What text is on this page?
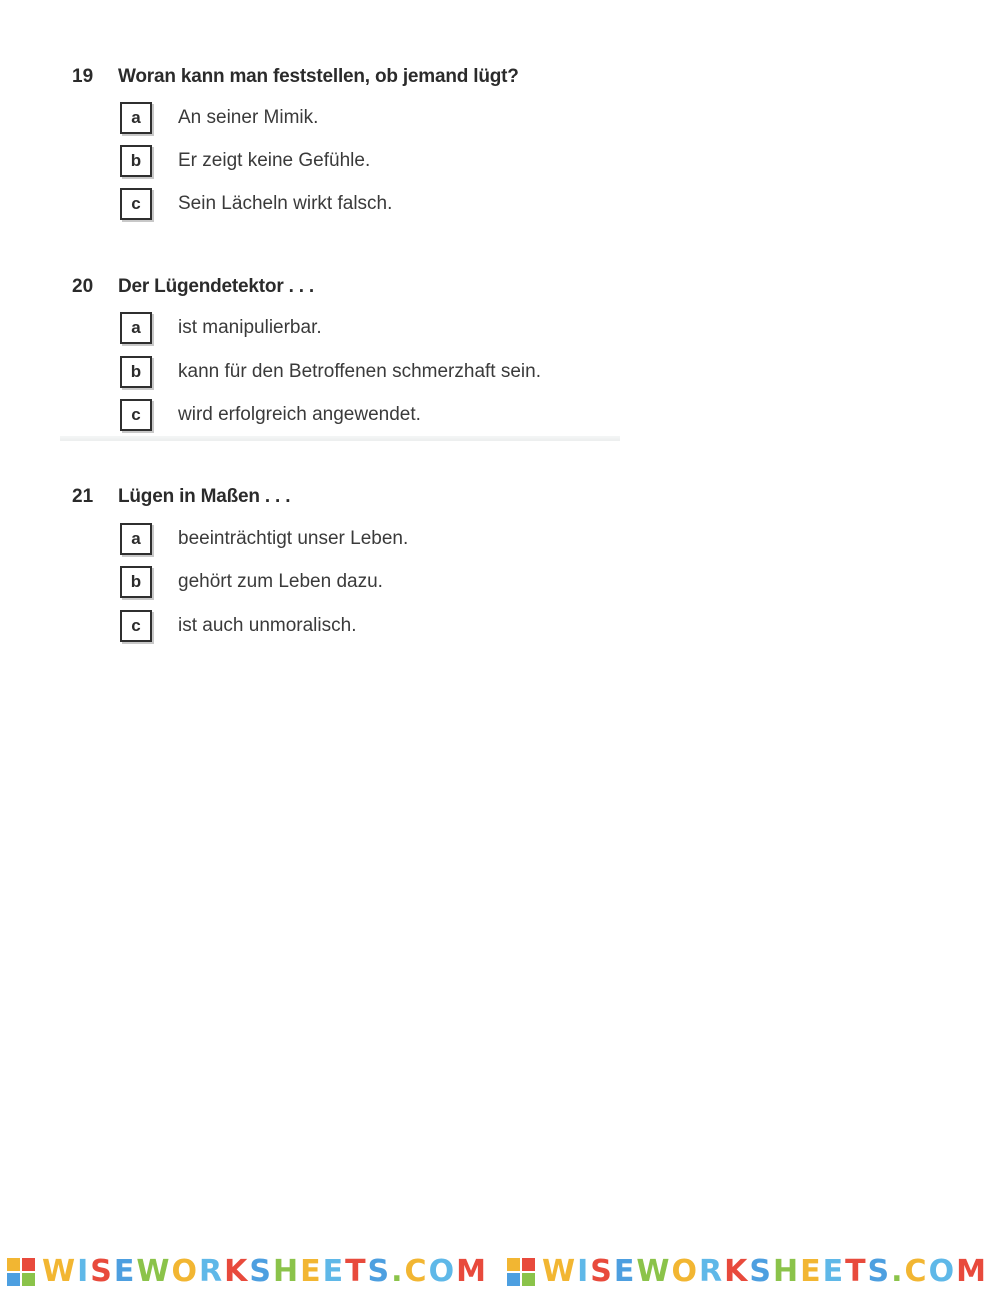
19 Woran kann man feststellen, ob jemand lügt?
a	An seiner Mimik.
b	Er zeigt keine Gefühle.
c	Sein Lächeln wirkt falsch.
20 Der Lügendetektor . . .
a	ist manipulierbar.
b	kann für den Betroffenen schmerzhaft sein.
c	wird erfolgreich angewendet.
21 Lügen in Maßen . . .
a	beeinträchtigt unser Leben.
b	gehört zum Leben dazu.
c	ist auch unmoralisch.
WISEWORKSHEETS.COM WISEWORKSHEETS.COM
